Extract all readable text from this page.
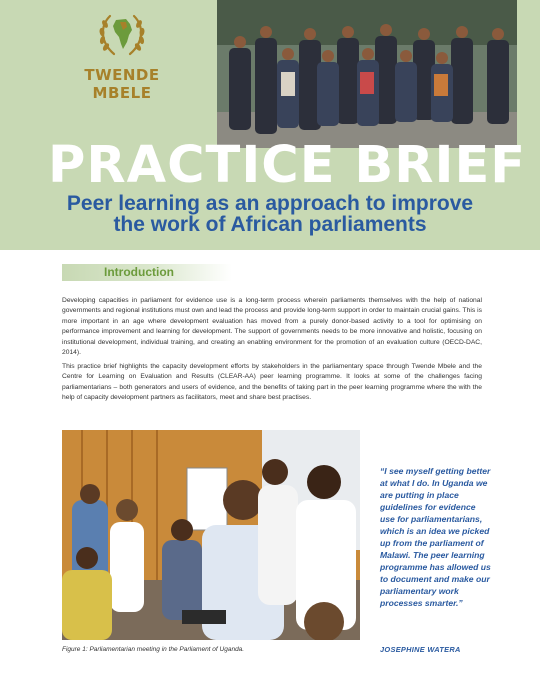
TWENDE MBELE
PRACTICE BRIEF
Peer learning as an approach to improve
the work of African parliaments
Introduction

Developing capacities in parliament for evidence use is a long-term process wherein parliaments themselves with the help of national governments and regional institutions must own and lead the process and provide long-term support in order to maintain crucial gains. This is more important in an age where development evaluation has moved from a purely donor-based activity to a tool for optimising on performance improvement and learning for development. The support of governments needs to be more innovative and holistic, focusing on institutional development, individual training, and creating an enabling environment for the promotion of an evaluation culture (OECD-DAC, 2014).

This practice brief highlights the capacity development efforts by stakeholders in the parliamentary space through Twende Mbele and the Centre for Learning on Evaluation and Results (CLEAR-AA) peer learning programme. It looks at some of the challenges facing parliamentarians – both generators and users of evidence, and the benefits of taking part in the peer learning programme where the with the help of capacity development partners as facilitators, meet and share best practises.

Figure 1: Parliamentarian meeting in the Parliament of Uganda.
“I see myself getting better at what I do. In Uganda we are putting in place guidelines for evidence use for parliamentarians, which is an idea we picked up from the parliament of Malawi. The peer learning programme has allowed us to document and make our parliamentary work processes smarter.”
JOSEPHINE WATERA
